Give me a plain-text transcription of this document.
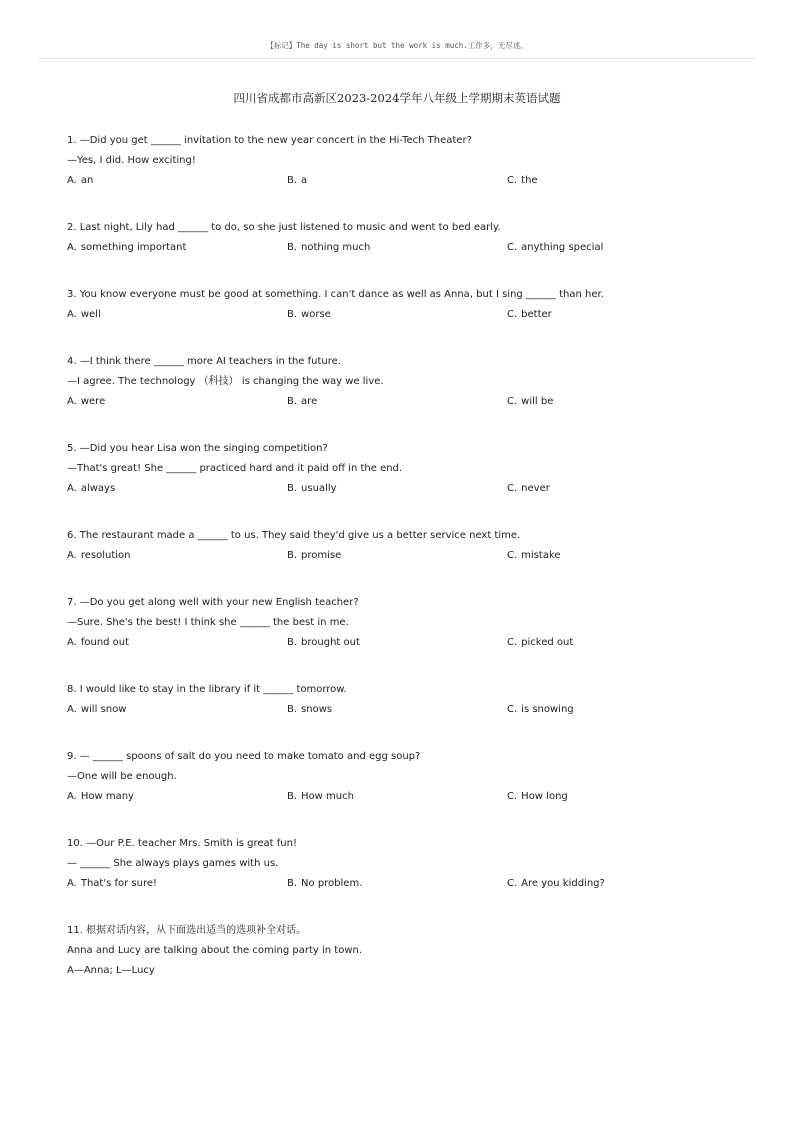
【标记】The day is short but the work is much.工作多，无尽述。
四川省成都市高新区2023-2024学年八年级上学期期末英语试题

1. —Did you get ______ invitation to the new year concert in the Hi-Tech Theater?

—Yes, I did. How exciting!

A. an	B. a	C. the

2. Last night, Lily had ______ to do, so she just listened to music and went to bed early.

A. something important	B. nothing much	C. anything special

3. You know everyone must be good at something. I can't dance as well as Anna, but I sing ______ than her.

A. well	B. worse	C. better

4. —I think there ______ more AI teachers in the future.

—I agree. The technology （科技） is changing the way we live.

A. were	B. are	C. will be

5. —Did you hear Lisa won the singing competition?

—That's great! She ______ practiced hard and it paid off in the end.

A. always	B. usually	C. never

6. The restaurant made a ______ to us. They said they'd give us a better service next time.

A. resolution	B. promise	C. mistake

7. —Do you get along well with your new English teacher?

—Sure. She's the best! I think she ______ the best in me.

A. found out	B. brought out	C. picked out

8. I would like to stay in the library if it ______ tomorrow.

A. will snow	B. snows	C. is snowing

9. — ______ spoons of salt do you need to make tomato and egg soup?

—One will be enough.

A. How many	B. How much	C. How long

10. —Our P.E. teacher Mrs. Smith is great fun!

— ______ She always plays games with us.

A. That's for sure!	B. No problem.	C. Are you kidding?

11. 根据对话内容，从下面选出适当的选项补全对话。

Anna and Lucy are talking about the coming party in town.

A—Anna; L—Lucy
